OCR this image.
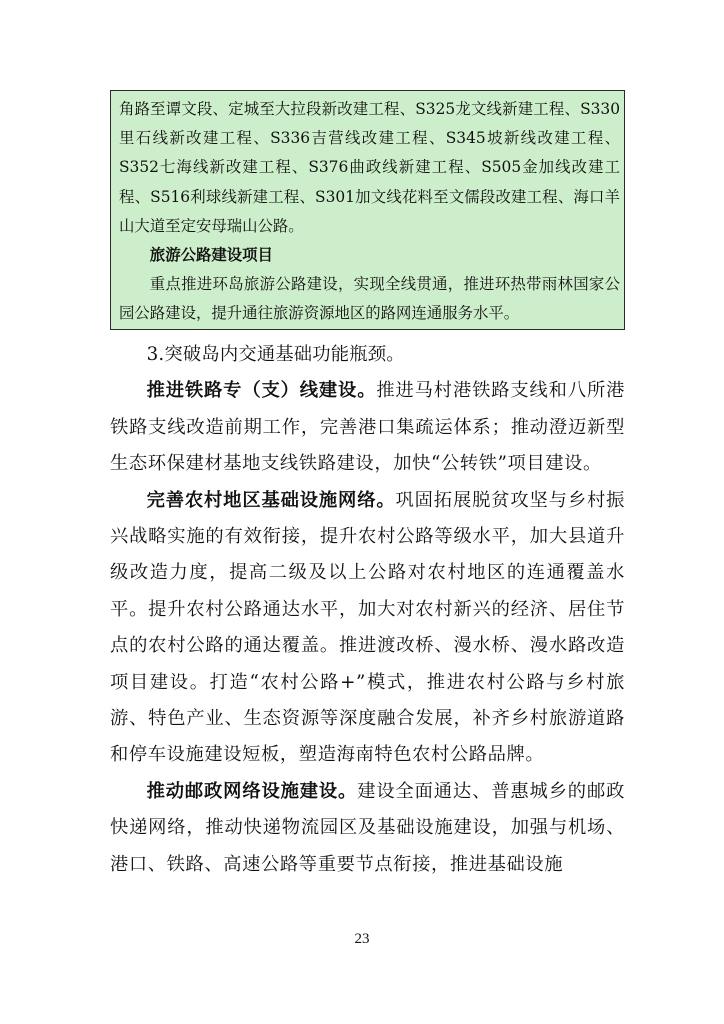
角路至谭文段、定城至大拉段新改建工程、S325龙文线新建工程、S330里石线新改建工程、S336吉营线改建工程、S345坡新线改建工程、S352七海线新改建工程、S376曲政线新建工程、S505金加线改建工程、S516利球线新建工程、S301加文线花料至文儒段改建工程、海口羊山大道至定安母瑞山公路。

旅游公路建设项目

重点推进环岛旅游公路建设，实现全线贯通，推进环热带雨林国家公园公路建设，提升通往旅游资源地区的路网连通服务水平。

3.突破岛内交通基础功能瓶颈。

推进铁路专（支）线建设。推进马村港铁路支线和八所港铁路支线改造前期工作，完善港口集疏运体系；推动澄迈新型生态环保建材基地支线铁路建设，加快“公转铁”项目建设。

完善农村地区基础设施网络。巩固拓展脱贫攻坚与乡村振兴战略实施的有效衔接，提升农村公路等级水平，加大县道升级改造力度，提高二级及以上公路对农村地区的连通覆盖水平。提升农村公路通达水平，加大对农村新兴的经济、居住节点的农村公路的通达覆盖。推进渡改桥、漫水桥、漫水路改造项目建设。打造“农村公路+”模式，推进农村公路与乡村旅游、特色产业、生态资源等深度融合发展，补齐乡村旅游道路和停车设施建设短板，塑造海南特色农村公路品牌。

推动邮政网络设施建设。建设全面通达、普惠城乡的邮政快递网络，推动快递物流园区及基础设施建设，加强与机场、港口、铁路、高速公路等重要节点衔接，推进基础设施

23
